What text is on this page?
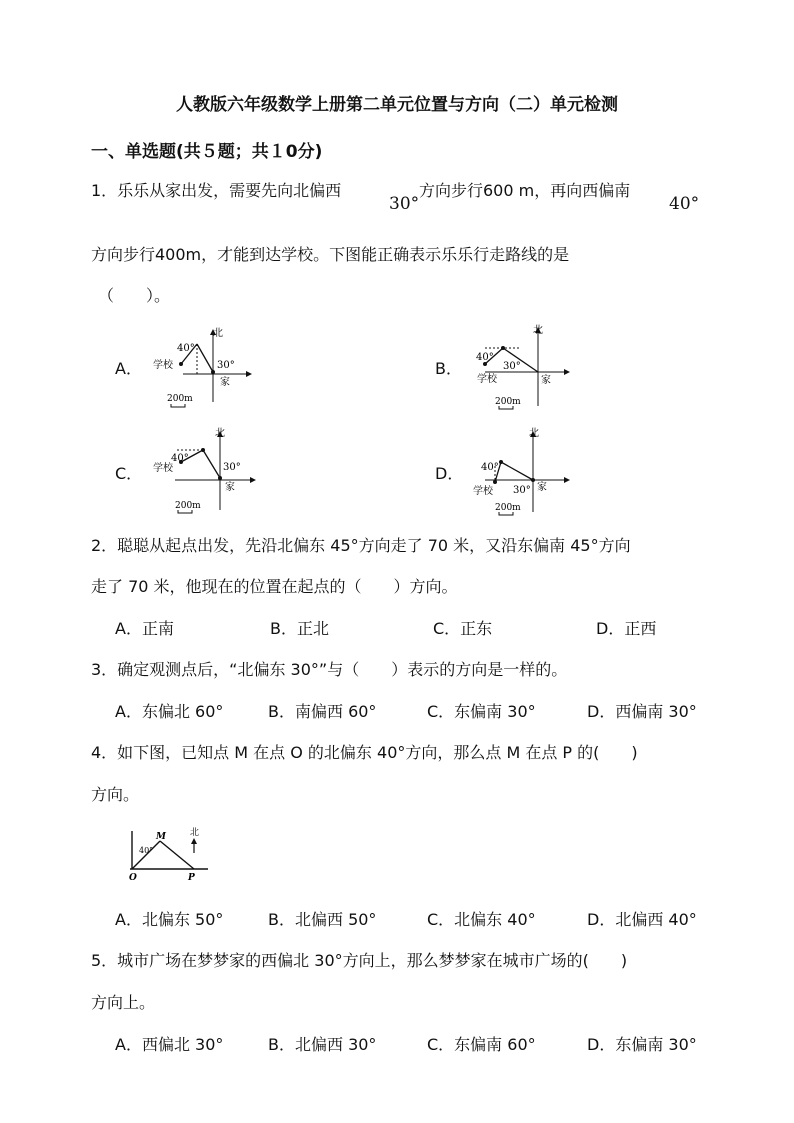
人教版六年级数学上册第二单元位置与方向（二）单元检测
一、单选题(共５题；共１0分)
1．乐乐从家出发，需要先向北偏西
30°
方向步行600 m，再向西偏南
40°
方向步行400m，才能到达学校。下图能正确表示乐乐行走路线的是
（　　）。
A．
北
40°
30°
学校
家
200m
B．
北
40°
30°
学校	家
200m
C．
北
40°
30°
学校
家
200m
D．
北
40°
30°
学校	家
200m
2．聪聪从起点出发，先沿北偏东 45°方向走了 70 米，又沿东偏南 45°方向
走了 70 米，他现在的位置在起点的（　　）方向。
A．正南	B．正北	C．正东	D．正西
3．确定观测点后，“北偏东 30°”与（　　）表示的方向是一样的。
A．东偏北 60°	B．南偏西 60°	C．东偏南 30°	D．西偏南 30°
4．如下图，已知点 M 在点 O 的北偏东 40°方向，那么点 M 在点 P 的(　　)
方向。
北
M
40°
O	P
A．北偏东 50°	B．北偏西 50°	C．北偏东 40°	D．北偏西 40°
5．城市广场在梦梦家的西偏北 30°方向上，那么梦梦家在城市广场的(　　)
方向上。
A．西偏北 30°	B．北偏西 30°	C．东偏南 60°	D．东偏南 30°
